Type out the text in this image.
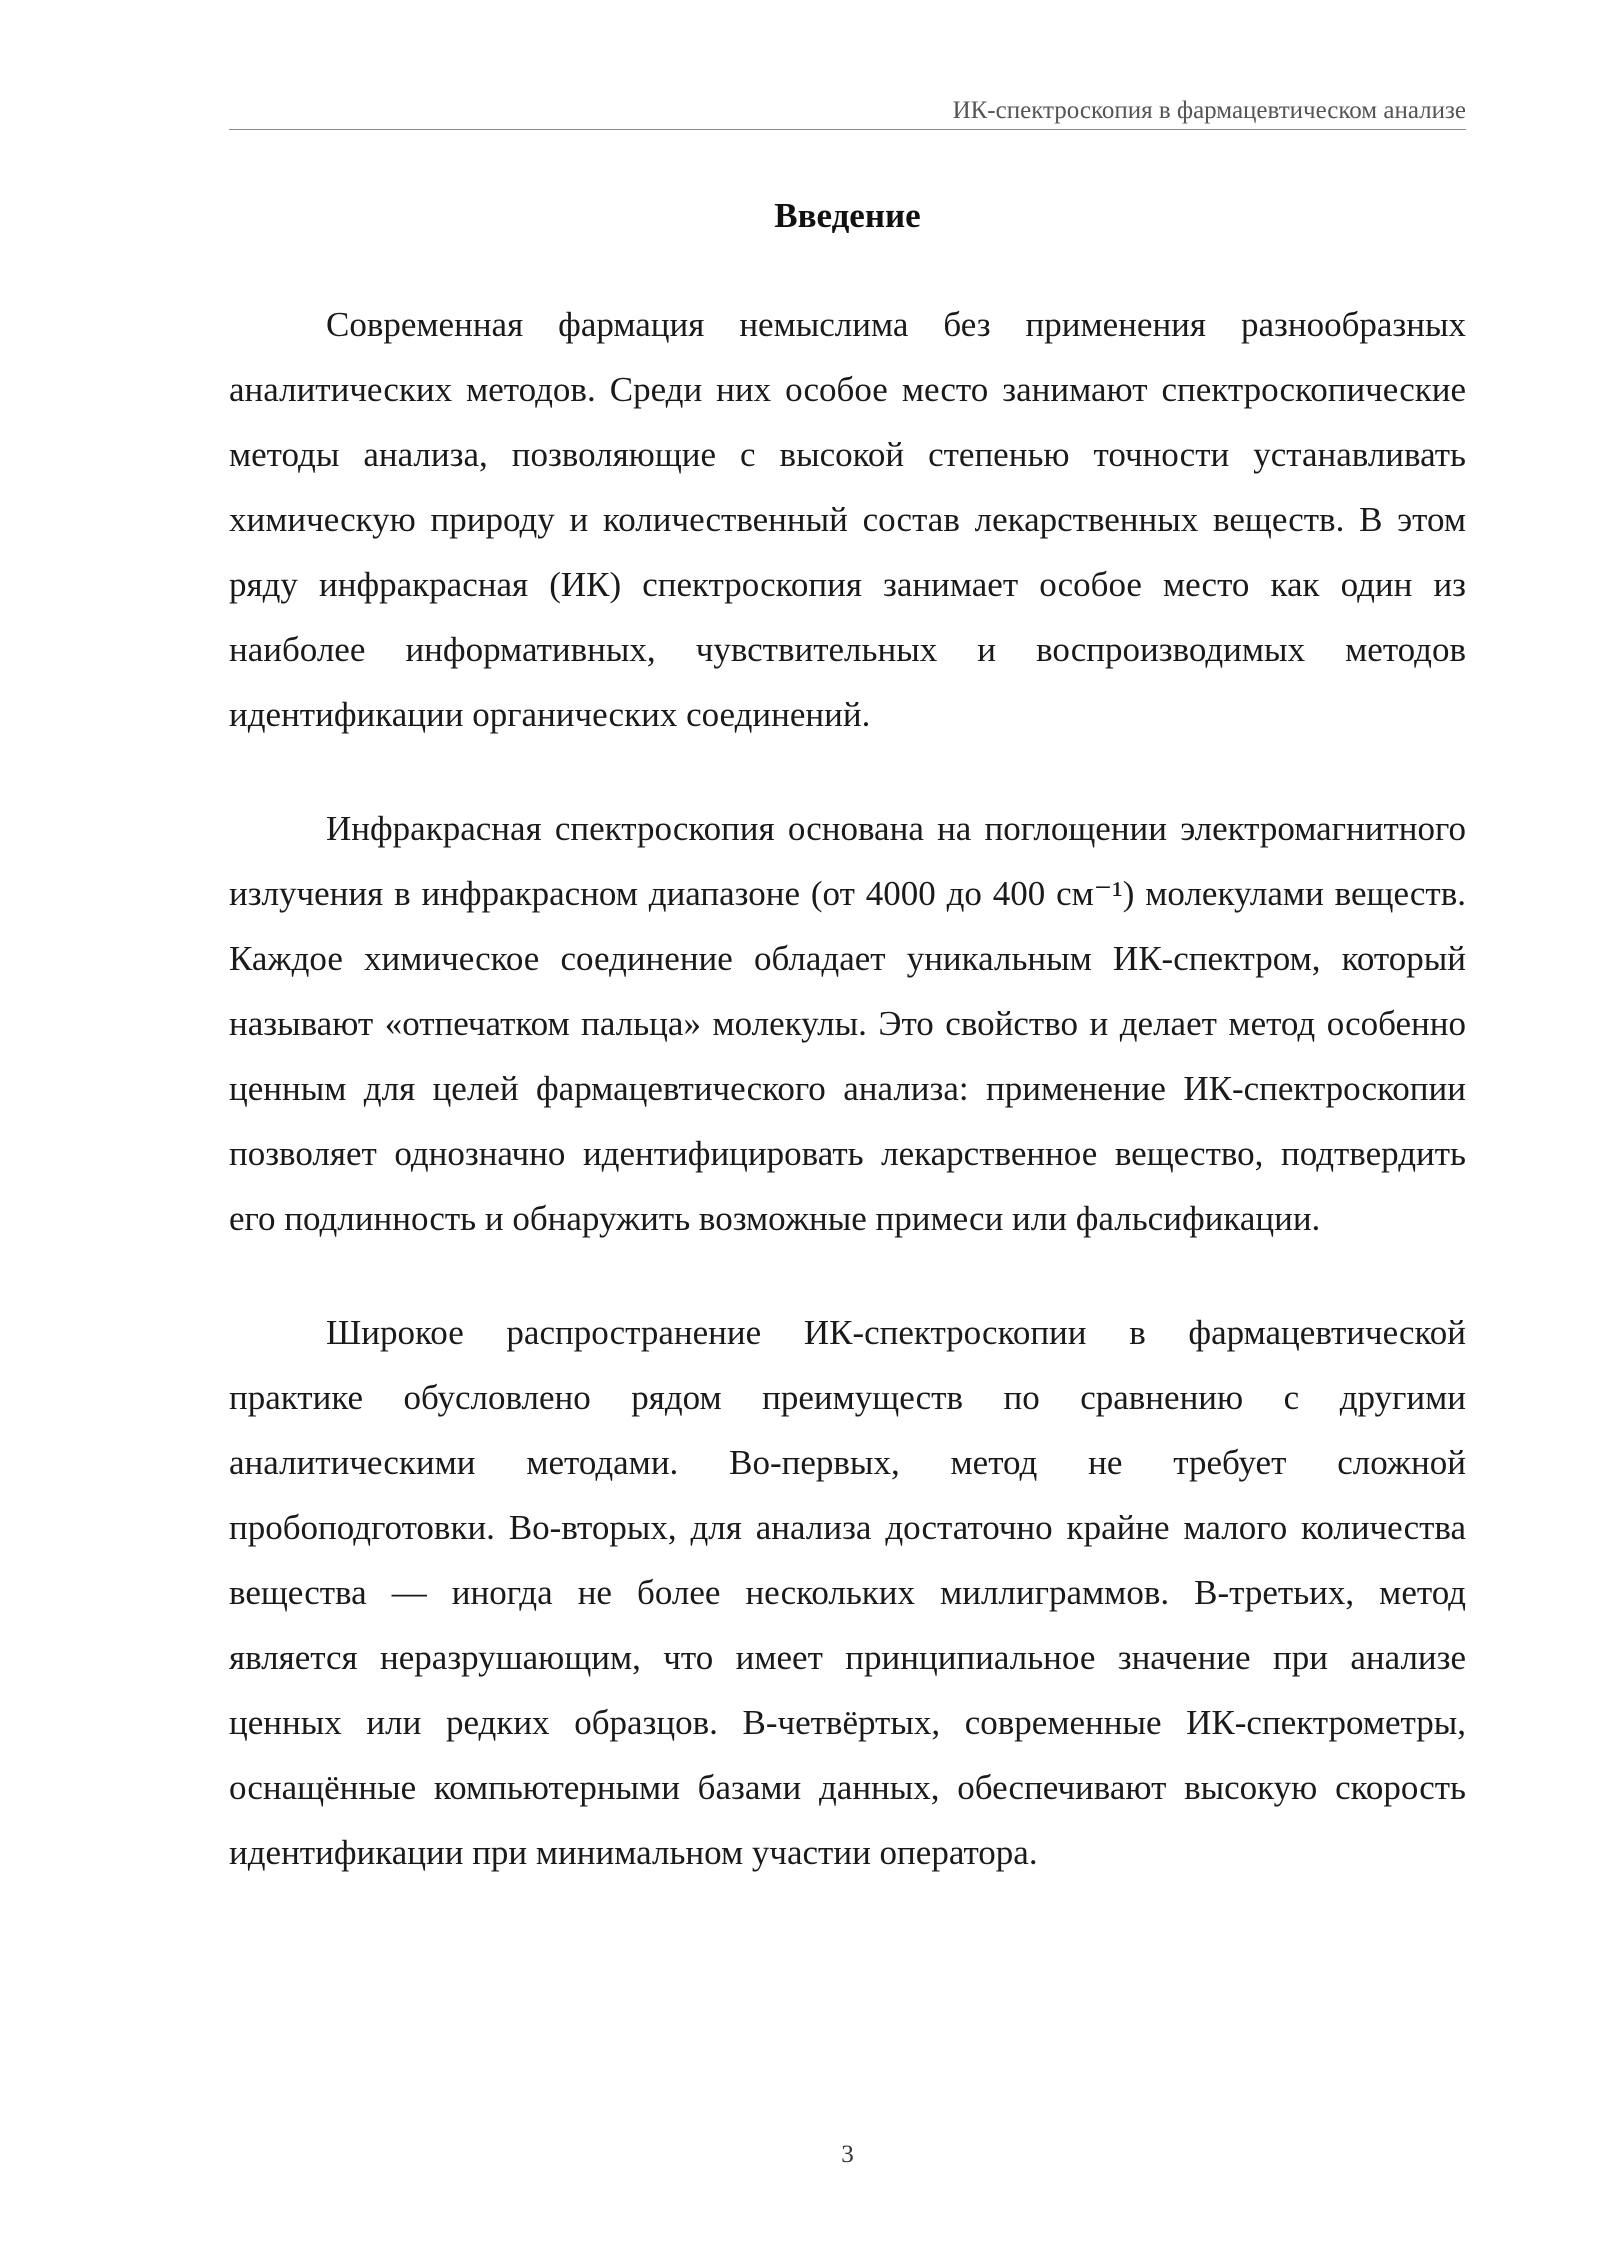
ИК-спектроскопия в фармацевтическом анализе
Введение

Современная фармация немыслима без применения разнообразных аналитических методов. Среди них особое место занимают спектроскопические методы анализа, позволяющие с высокой степенью точности устанавливать химическую природу и количественный состав лекарственных веществ. В этом ряду инфракрасная (ИК) спектроскопия занимает особое место как один из наиболее информативных, чувствительных и воспроизводимых методов идентификации органических соединений.

Инфракрасная спектроскопия основана на поглощении электромагнитного излучения в инфракрасном диапазоне (от 4000 до 400 см⁻¹) молекулами веществ. Каждое химическое соединение обладает уникальным ИК-спектром, который называют «отпечатком пальца» молекулы. Это свойство и делает метод особенно ценным для целей фармацевтического анализа: применение ИК-спектроскопии позволяет однозначно идентифицировать лекарственное вещество, подтвердить его подлинность и обнаружить возможные примеси или фальсификации.

Широкое распространение ИК-спектроскопии в фармацевтической практике обусловлено рядом преимуществ по сравнению с другими аналитическими методами. Во-первых, метод не требует сложной пробоподготовки. Во-вторых, для анализа достаточно крайне малого количества вещества — иногда не более нескольких миллиграммов. В-третьих, метод является неразрушающим, что имеет принципиальное значение при анализе ценных или редких образцов. В-четвёртых, современные ИК-спектрометры, оснащённые компьютерными базами данных, обеспечивают высокую скорость идентификации при минимальном участии оператора.

3
